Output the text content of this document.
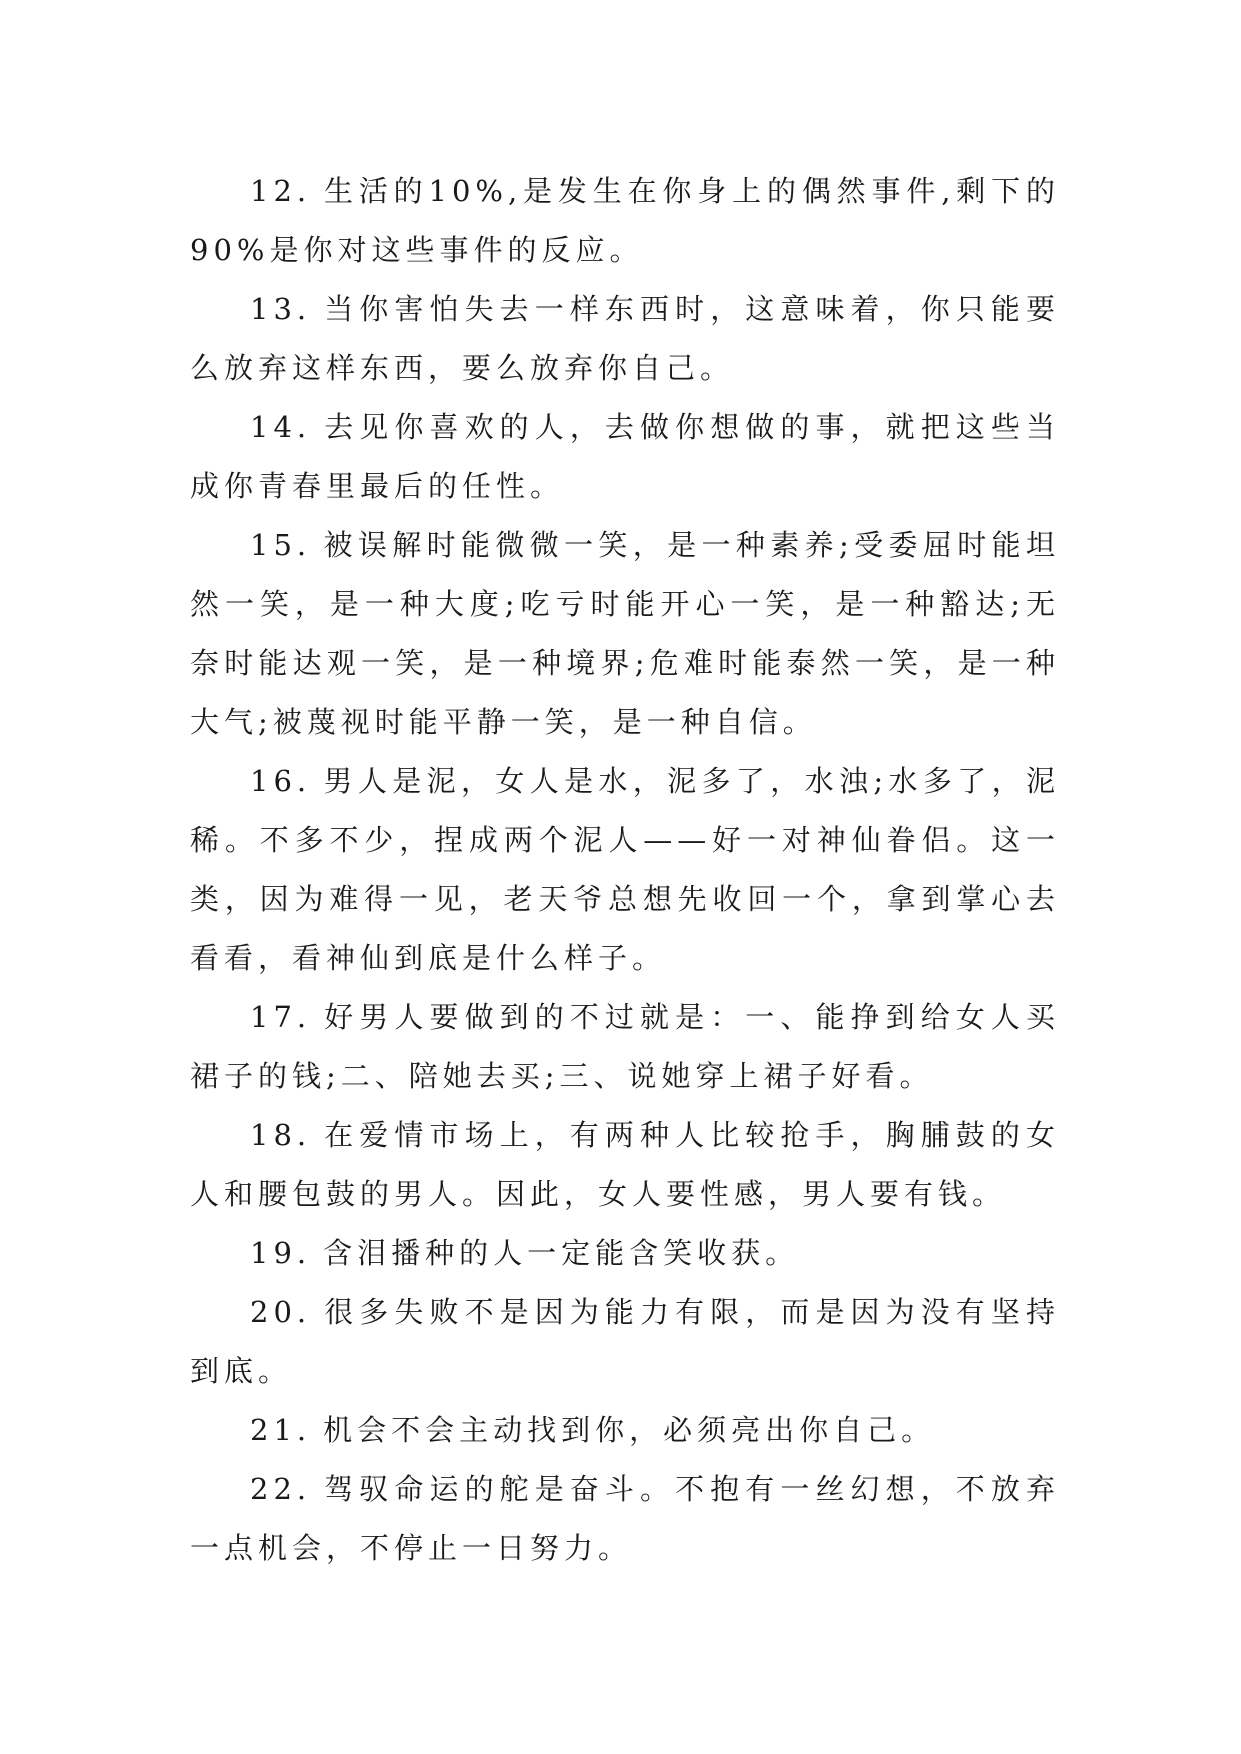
12. 生活的10%,是发生在你身上的偶然事件,剩下的90%是你对这些事件的反应。

13. 当你害怕失去一样东西时，这意味着，你只能要么放弃这样东西，要么放弃你自己。

14. 去见你喜欢的人，去做你想做的事，就把这些当成你青春里最后的任性。

15. 被误解时能微微一笑，是一种素养;受委屈时能坦然一笑，是一种大度;吃亏时能开心一笑，是一种豁达;无奈时能达观一笑，是一种境界;危难时能泰然一笑，是一种大气;被蔑视时能平静一笑，是一种自信。

16. 男人是泥，女人是水，泥多了，水浊;水多了，泥稀。不多不少，捏成两个泥人——好一对神仙眷侣。这一类，因为难得一见，老天爷总想先收回一个，拿到掌心去看看，看神仙到底是什么样子。

17. 好男人要做到的不过就是：一、能挣到给女人买裙子的钱;二、陪她去买;三、说她穿上裙子好看。

18. 在爱情市场上，有两种人比较抢手，胸脯鼓的女人和腰包鼓的男人。因此，女人要性感，男人要有钱。

19. 含泪播种的人一定能含笑收获。

20. 很多失败不是因为能力有限，而是因为没有坚持到底。

21. 机会不会主动找到你，必须亮出你自己。

22. 驾驭命运的舵是奋斗。不抱有一丝幻想，不放弃一点机会，不停止一日努力。
